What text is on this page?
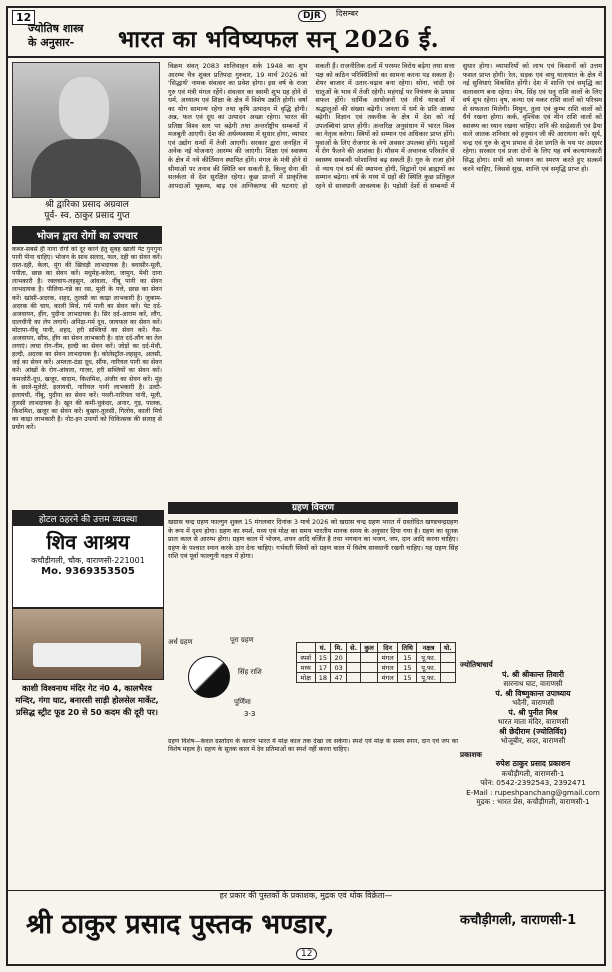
12	DJR	दिसम्बर
ज्योतिष शास्त्र
के अनुसार-	भारत का भविष्यफल सन् 2026 ई.
श्री द्वारिका प्रसाद अग्रवाल
पूर्व- स्व. ठाकुर प्रसाद गुप्त
भोजन द्वारा रोगों का उपचार
कब्ज-सबसे ही नाना रोगों को दूर करने हेतु सुबह खाली पेट गुनगुना पानी पीना चाहिए। भोजन के साथ सलाद, फल, दही का सेवन करें। दस्त-दही, केला, मूंग की खिचड़ी लाभदायक है। बवासीर-मूली, पपीता, छाछ का सेवन करें। मधुमेह-करेला, जामुन, मेथी दाना लाभकारी है। रक्तचाप-लहसुन, आंवला, नींबू पानी का सेवन लाभदायक है। पीलिया-गन्ने का रस, मूली के पत्ते, छाछ का सेवन करें। खांसी-अदरक, शहद, तुलसी का काढ़ा लाभकारी है। जुकाम-अदरक की चाय, काली मिर्च, गर्म पानी का सेवन करें। पेट दर्द-अजवायन, हींग, पुदीना लाभदायक है। सिर दर्द-आराम करें, लौंग, दालचीनी का लेप लगायें। अनिद्रा-गर्म दूध, जायफल का सेवन करें। मोटापा-नींबू पानी, शहद, हरी सब्जियों का सेवन करें। गैस-अजवायन, सौंफ, हींग का सेवन लाभकारी है। दांत दर्द-लौंग का तेल लगाएं। त्वचा रोग-नीम, हल्दी का सेवन करें। जोड़ों का दर्द-मेथी, हल्दी, अदरक का सेवन लाभदायक है। कोलेस्ट्रॉल-लहसुन, अलसी, जई का सेवन करें। अम्लता-ठंडा दूध, सौंफ, नारियल पानी का सेवन करें। आंखों के रोग-आंवला, गाजर, हरी सब्जियों का सेवन करें। कमजोरी-दूध, खजूर, बादाम, किशमिश, अंजीर का सेवन करें। मुंह के छाले-मुलेठी, इलायची, नारियल पानी लाभकारी है। उल्टी-इलायची, नींबू, पुदीना का सेवन करें। पथरी-नारियल पानी, मूली, तुलसी लाभदायक है। खून की कमी-चुकंदर, अनार, गुड़, पालक, किशमिश, खजूर का सेवन करें। बुखार-तुलसी, गिलोय, काली मिर्च का काढ़ा लाभकारी है। नोट-इन उपायों को चिकित्सक की सलाह से प्रयोग करें।
होटल ठहरने की उत्तम व्यवस्था
शिव आश्रय
कचौड़ीगली, चौक, वाराणसी-221001
Mo. 9369353505
काशी विश्वनाथ मंदिर गेट नं0 4, कालभैरव मन्दिर, गंगा घाट, बनारसी साड़ी होलसेल मार्केट, प्रसिद्ध स्ट्रीट फूड 20 से 50 कदम की दूरी पर।
विक्रम संवत् 2083 शालिवाहन शके 1948 का शुभ आरम्भ चैत्र शुक्ल प्रतिपदा गुरुवार, 19 मार्च 2026 को 'सिद्धार्थ' नामक संवत्सर का प्रवेश होगा। इस वर्ष के राजा गुरु एवं मंत्री मंगल रहेंगे। संवत्सर का स्वामी शुभ ग्रह होने से धर्म, अध्यात्म एवं शिक्षा के क्षेत्र में विशेष उन्नति होगी। वर्षा का योग सामान्य रहेगा तथा कृषि उत्पादन में वृद्धि होगी। अन्न, फल एवं दूध का उत्पादन अच्छा रहेगा। भारत की प्रतिष्ठा विश्व स्तर पर बढ़ेगी तथा अन्तर्राष्ट्रीय सम्बन्धों में मजबूती आएगी। देश की अर्थव्यवस्था में सुधार होगा, व्यापार एवं उद्योग धन्धों में तेजी आएगी। सरकार द्वारा जनहित में अनेक नई योजनाएं आरम्भ की जाएंगी। शिक्षा एवं स्वास्थ्य के क्षेत्र में नये कीर्तिमान स्थापित होंगे। मंगल के मंत्री होने से सीमाओं पर तनाव की स्थिति बन सकती है, किन्तु सेना की सतर्कता से देश सुरक्षित रहेगा। कुछ प्रान्तों में प्राकृतिक आपदाओं भूकम्प, बाढ़ एवं अग्निकाण्ड की घटनाएं हो सकती हैं। राजनीतिक दलों में परस्पर विरोध बढ़ेगा तथा सत्ता पक्ष को कठिन परिस्थितियों का सामना करना पड़ सकता है। शेयर बाजार में उतार-चढ़ाव बना रहेगा। सोना, चांदी एवं धातुओं के भाव में तेजी रहेगी। महंगाई पर नियंत्रण के प्रयास सफल होंगे। धार्मिक आयोजनों एवं तीर्थ यात्राओं में श्रद्धालुओं की संख्या बढ़ेगी। जनता में धर्म के प्रति आस्था बढ़ेगी। विज्ञान एवं तकनीक के क्षेत्र में देश को नई उपलब्धियां प्राप्त होंगी। अन्तरिक्ष अनुसंधान में भारत विश्व का नेतृत्व करेगा। स्त्रियों को सम्मान एवं अधिकार प्राप्त होंगे। युवाओं के लिए रोजगार के नये अवसर उपलब्ध होंगे। पशुओं में रोग फैलने की आशंका है। मौसम में अचानक परिवर्तन से स्वास्थ्य सम्बन्धी परेशानियां बढ़ सकती हैं। गुरु के राजा होने से न्याय एवं धर्म की स्थापना होगी, विद्वानों एवं ब्राह्मणों का सम्मान बढ़ेगा। वर्ष के मध्य में ग्रहों की स्थिति कुछ प्रतिकूल रहने से सावधानी आवश्यक है। पड़ोसी देशों से सम्बन्धों में सुधार होगा। व्यापारियों को लाभ एवं किसानों को उत्तम फसल प्राप्त होगी। रेल, सड़क एवं वायु यातायात के क्षेत्र में नई सुविधाएं विकसित होंगी। देश में शान्ति एवं समृद्धि का वातावरण बना रहेगा। मेष, सिंह एवं धनु राशि वालों के लिए वर्ष शुभ रहेगा। वृष, कन्या एवं मकर राशि वालों को परिश्रम से सफलता मिलेगी। मिथुन, तुला एवं कुम्भ राशि वालों को धैर्य रखना होगा। कर्क, वृश्चिक एवं मीन राशि वालों को स्वास्थ्य का ध्यान रखना चाहिए। शनि की साढ़ेसाती एवं ढैया वाले जातक शनिवार को हनुमान जी की आराधना करें। सूर्य, चन्द्र एवं गुरु के शुभ प्रभाव से देश प्रगति के पथ पर अग्रसर रहेगा। सरकार एवं प्रजा दोनों के लिए यह वर्ष कल्याणकारी सिद्ध होगा। सभी को भगवान का स्मरण करते हुए सत्कर्म करने चाहिए, जिससे सुख, शान्ति एवं समृद्धि प्राप्त हो।
ग्रहण विवरण
खग्रास चन्द्र ग्रहण फाल्गुन शुक्ल 15 मंगलवार दिनांक 3 मार्च 2026 को खग्रास चन्द्र ग्रहण भारत में ग्रस्तोदित खण्डचन्द्रग्रहण के रूप में दृश्य होगा। ग्रहण का स्पर्श, मध्य एवं मोक्ष का समय भारतीय मानक समय के अनुसार दिया गया है। ग्रहण का सूतक प्रातः काल से आरम्भ होगा। ग्रहण काल में भोजन, शयन आदि वर्जित है तथा भगवान का भजन, जप, दान आदि करना चाहिए। ग्रहण के पश्चात स्नान करके दान देना चाहिए। गर्भवती स्त्रियों को ग्रहण काल में विशेष सावधानी रखनी चाहिए। यह ग्रहण सिंह राशि एवं पूर्वा फाल्गुनी नक्षत्र में होगा।
पूरा ग्रहण
अर्ध ग्रहण
सिंह राशि
पूर्णिमा
3-3
	घं.	मि.	से.	कुल	दिन	तिथि	नक्षत्र	यो.
स्पर्श	15	20			मंगल	15	पू.फा.	
मध्य	17	03			मंगल	15	पू.फा.	
मोक्ष	18	47			मंगल	15	पू.फा.	
ग्रहण विशेष—केवल ग्रस्तोदय के कारण भारत में मोक्ष काल तक देखा जा सकेगा। स्पर्श एवं मोक्ष के समय स्नान, दान एवं जप का विशेष महत्व है। ग्रहण के सूतक काल में देव प्रतिमाओं का स्पर्श नहीं करना चाहिए।
ज्योतिषाचार्य
पं. श्री श्रीकान्त तिवारी
सारनाथ घाट, वाराणसी
पं. श्री विष्णुकान्त उपाध्याय
भदैनी, वाराणसी
पं. श्री पुनीत मिश्र
भारत माता मंदिर, वाराणसी
श्री छेदीराम (ज्योतिर्विद)
भोजूबीर, सदर, वाराणसी
प्रकाशक
रुपेश ठाकुर प्रसाद प्रकाशन
कचौड़ीगली, वाराणसी-1
फोन: 0542-2392543, 2392471
E-Mail : rupeshpanchang@gmail.com
मुद्रक : भारत प्रेस, कचौड़ीगली, वाराणसी-1
हर प्रकार की पुस्तकों के प्रकाशक, मुद्रक एवं थोक विक्रेता—
श्री ठाकुर प्रसाद पुस्तक भण्डार,	कचौड़ीगली, वाराणसी-1
12
